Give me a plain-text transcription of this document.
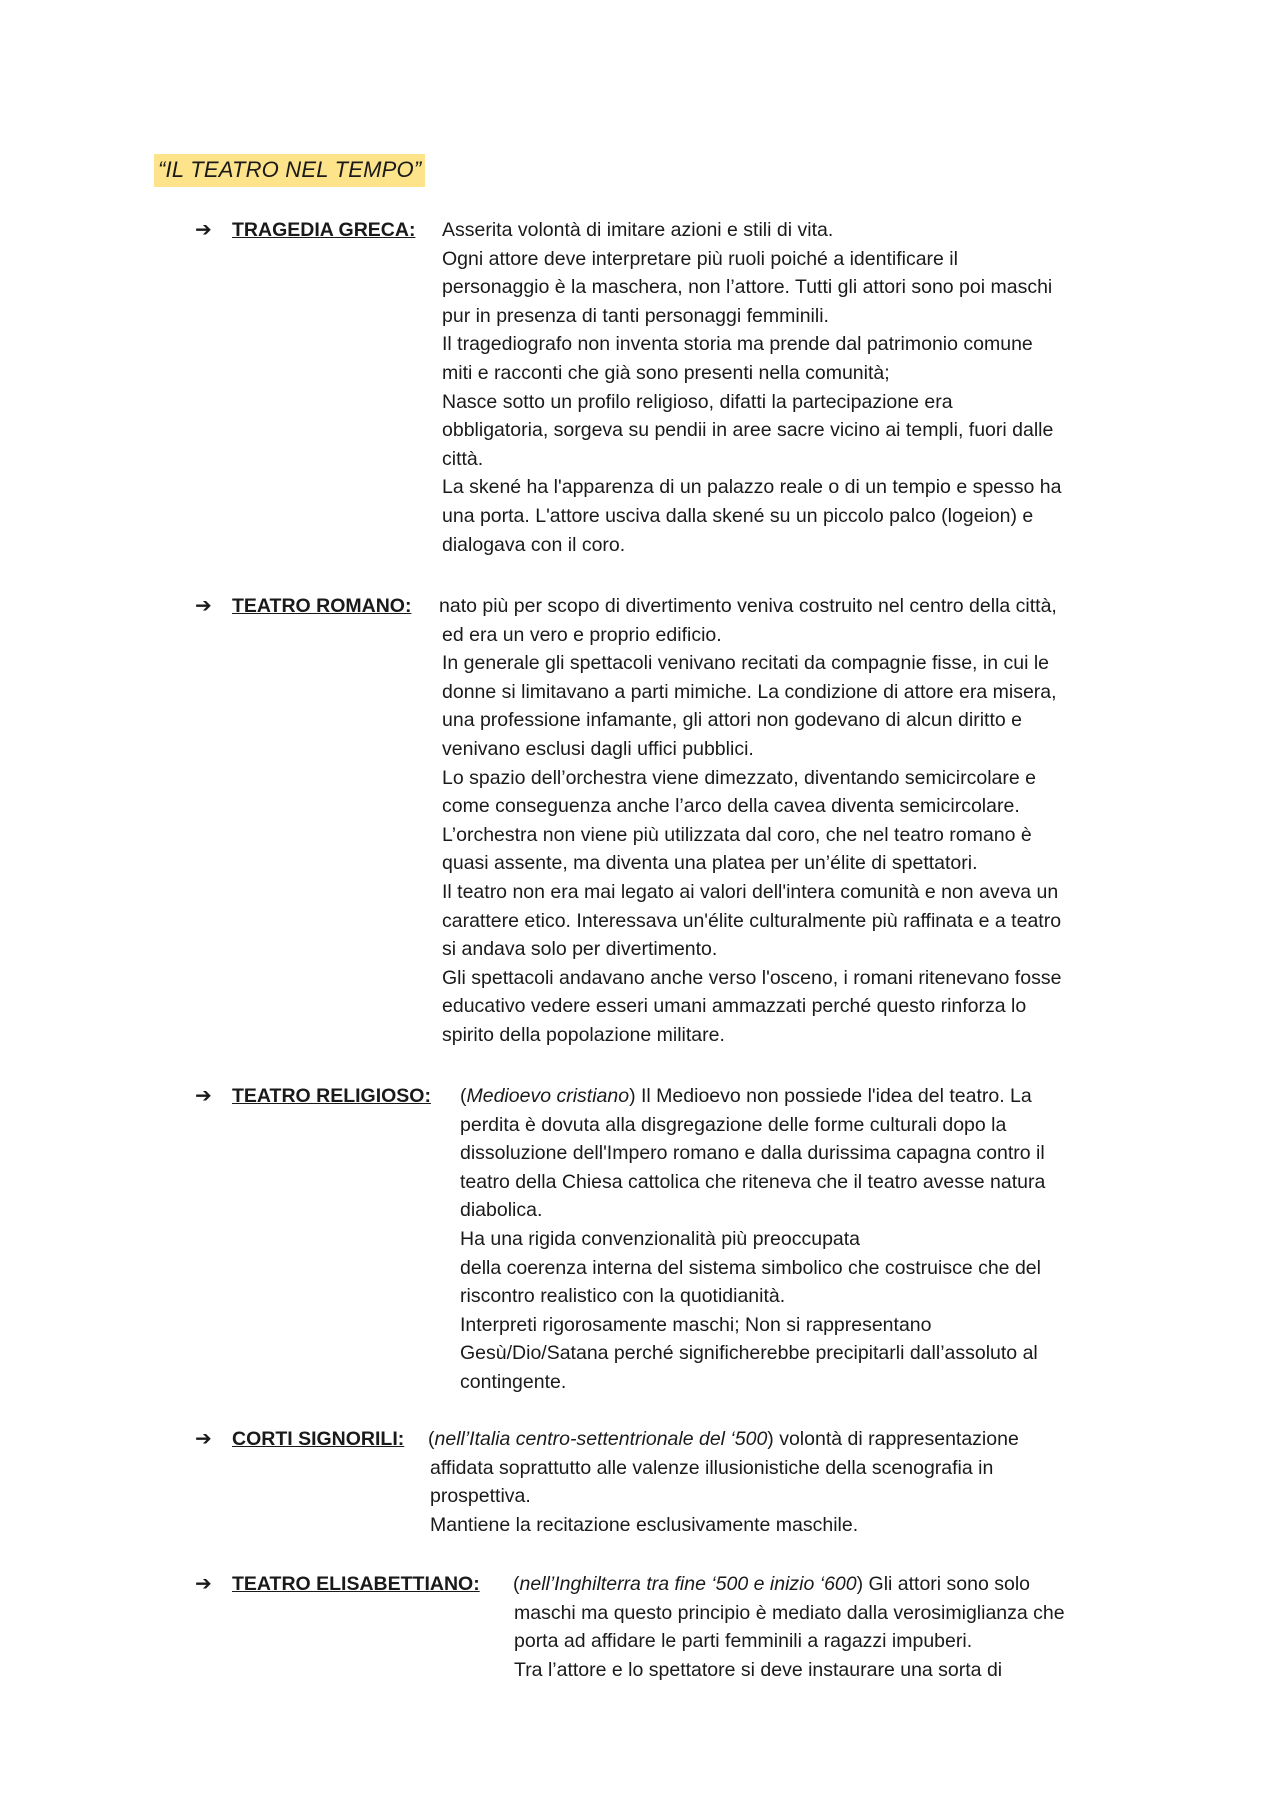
“IL TEATRO NEL TEMPO”
➔	TRAGEDIA GRECA: Asserita volontà di imitare azioni e stili di vita.
Ogni attore deve interpretare più ruoli poiché a identificare il
personaggio è la maschera, non l’attore. Tutti gli attori sono poi maschi
pur in presenza di tanti personaggi femminili.
Il tragediografo non inventa storia ma prende dal patrimonio comune
miti e racconti che già sono presenti nella comunità;
Nasce sotto un profilo religioso, difatti la partecipazione era
obbligatoria, sorgeva su pendii in aree sacre vicino ai templi, fuori dalle
città.
La skené ha l'apparenza di un palazzo reale o di un tempio e spesso ha
una porta. L'attore usciva dalla skené su un piccolo palco (logeion) e
dialogava con il coro.
➔	TEATRO ROMANO: nato più per scopo di divertimento veniva costruito nel centro della città,
ed era un vero e proprio edificio.
In generale gli spettacoli venivano recitati da compagnie fisse, in cui le
donne si limitavano a parti mimiche. La condizione di attore era misera,
una professione infamante, gli attori non godevano di alcun diritto e
venivano esclusi dagli uffici pubblici.
Lo spazio dell’orchestra viene dimezzato, diventando semicircolare e
come conseguenza anche l’arco della cavea diventa semicircolare.
L’orchestra non viene più utilizzata dal coro, che nel teatro romano è
quasi assente, ma diventa una platea per un’élite di spettatori.
Il teatro non era mai legato ai valori dell'intera comunità e non aveva un
carattere etico. Interessava un'élite culturalmente più raffinata e a teatro
si andava solo per divertimento.
Gli spettacoli andavano anche verso l'osceno, i romani ritenevano fosse
educativo vedere esseri umani ammazzati perché questo rinforza lo
spirito della popolazione militare.
➔	TEATRO RELIGIOSO: (Medioevo cristiano) Il Medioevo non possiede l'idea del teatro. La
perdita è dovuta alla disgregazione delle forme culturali dopo la
dissoluzione dell'Impero romano e dalla durissima capagna contro il
teatro della Chiesa cattolica che riteneva che il teatro avesse natura
diabolica.
Ha una rigida convenzionalità più preoccupata
della coerenza interna del sistema simbolico che costruisce che del
riscontro realistico con la quotidianità.
Interpreti rigorosamente maschi; Non si rappresentano
Gesù/Dio/Satana perché significherebbe precipitarli dall’assoluto al
contingente.
➔	CORTI SIGNORILI: (nell’Italia centro-settentrionale del ‘500) volontà di rappresentazione
affidata soprattutto alle valenze illusionistiche della scenografia in
prospettiva.
Mantiene la recitazione esclusivamente maschile.
➔	TEATRO ELISABETTIANO: (nell’Inghilterra tra fine ‘500 e inizio ‘600) Gli attori sono solo
maschi ma questo principio è mediato dalla verosimiglianza che
porta ad affidare le parti femminili a ragazzi impuberi.
Tra l’attore e lo spettatore si deve instaurare una sorta di
